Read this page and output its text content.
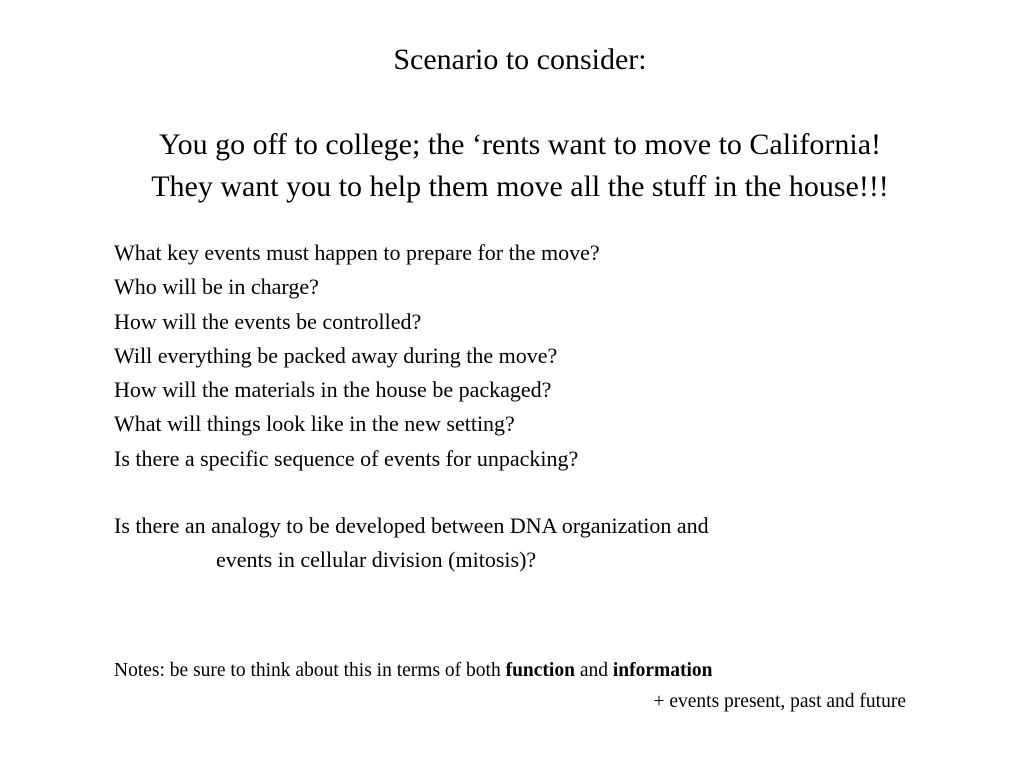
Scenario to consider:
You go off to college; the ‘rents want to move to California!
They want you to help them move all the stuff in the house!!!
What key events must happen to prepare for the move?
Who will be in charge?
How will the events be controlled?
Will everything be packed away during the move?
How will the materials in the house be packaged?
What will things look like in the new setting?
Is there a specific sequence of events for unpacking?
Is there an analogy to be developed between DNA organization and
events in cellular division (mitosis)?
Notes: be sure to think about this in terms of both function and information
+ events present, past and future
